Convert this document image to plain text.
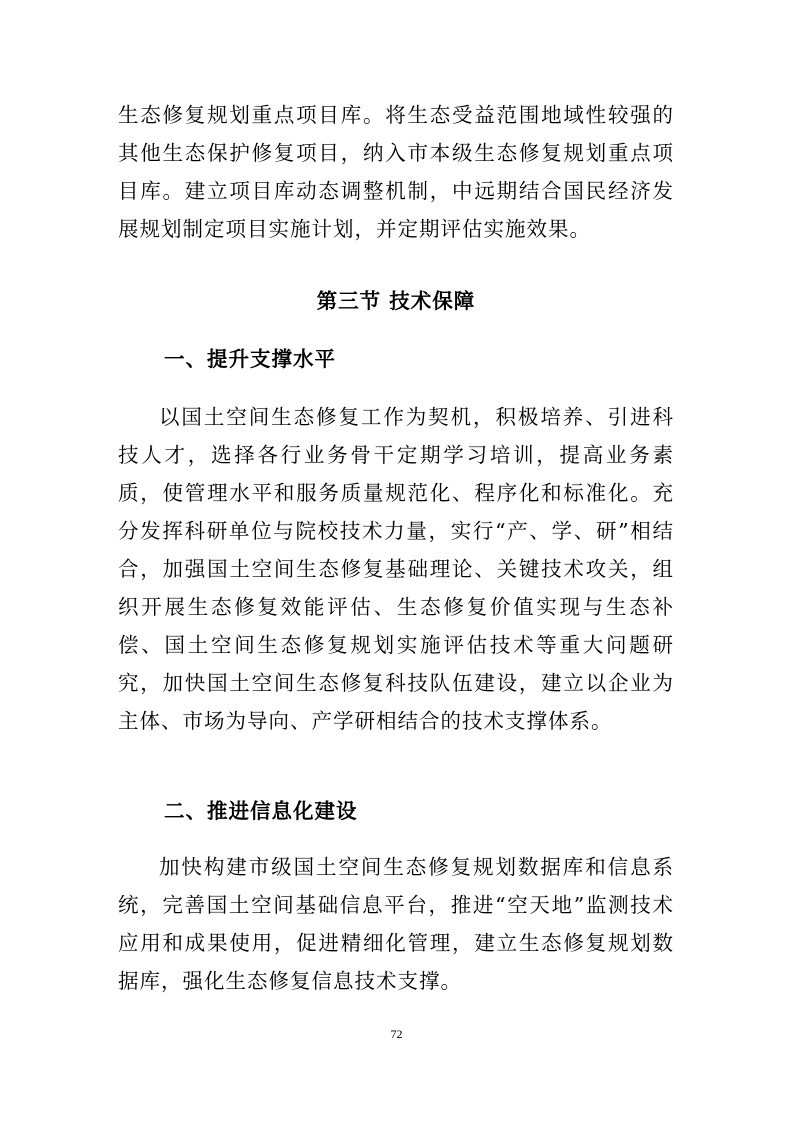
生态修复规划重点项目库。将生态受益范围地域性较强的其他生态保护修复项目，纳入市本级生态修复规划重点项目库。建立项目库动态调整机制，中远期结合国民经济发展规划制定项目实施计划，并定期评估实施效果。

第三节 技术保障
一、提升支撑水平

以国土空间生态修复工作为契机，积极培养、引进科技人才，选择各行业务骨干定期学习培训，提高业务素质，使管理水平和服务质量规范化、程序化和标准化。充分发挥科研单位与院校技术力量，实行“产、学、研”相结合，加强国土空间生态修复基础理论、关键技术攻关，组织开展生态修复效能评估、生态修复价值实现与生态补偿、国土空间生态修复规划实施评估技术等重大问题研究，加快国土空间生态修复科技队伍建设，建立以企业为主体、市场为导向、产学研相结合的技术支撑体系。

二、推进信息化建设

加快构建市级国土空间生态修复规划数据库和信息系统，完善国土空间基础信息平台，推进“空天地”监测技术应用和成果使用，促进精细化管理，建立生态修复规划数据库，强化生态修复信息技术支撑。

72
